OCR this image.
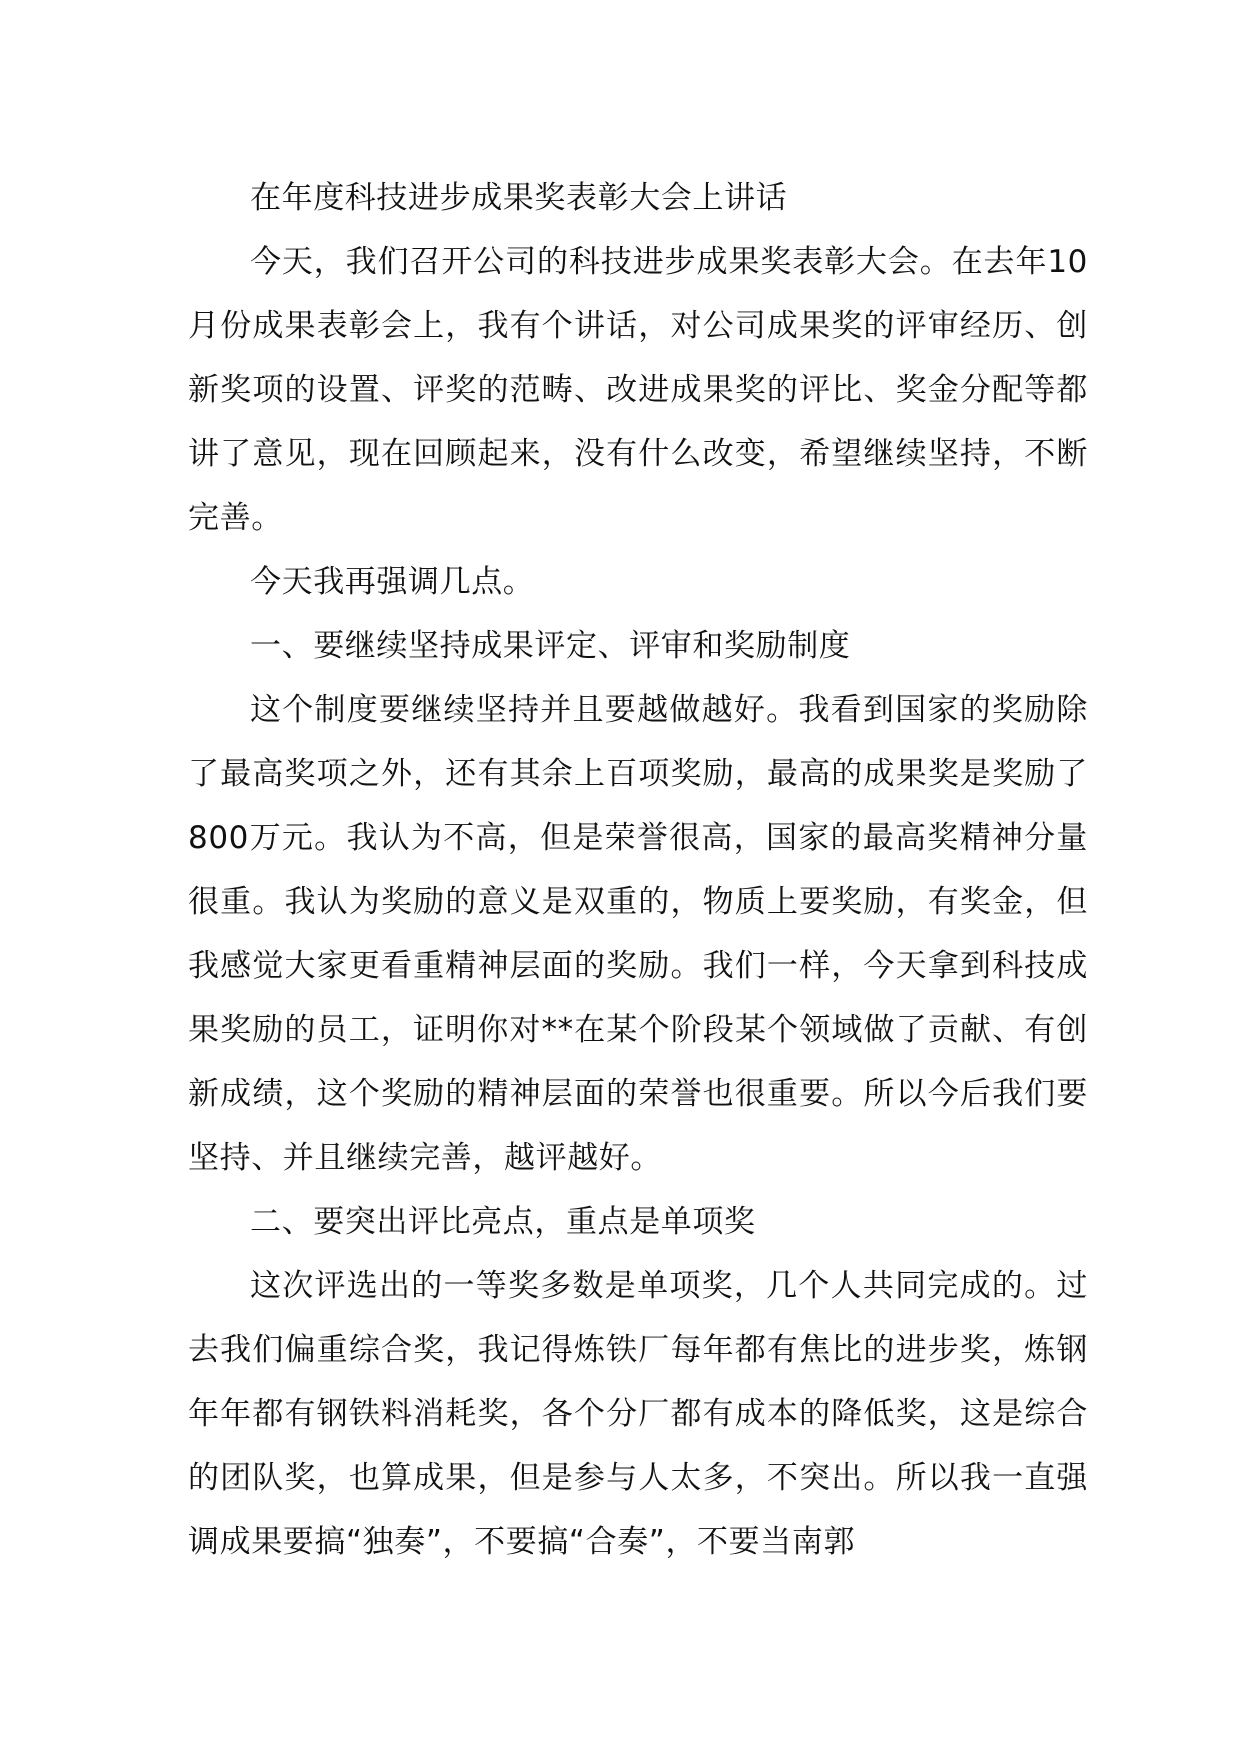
在年度科技进步成果奖表彰大会上讲话

今天，我们召开公司的科技进步成果奖表彰大会。在去年10月份成果表彰会上，我有个讲话，对公司成果奖的评审经历、创新奖项的设置、评奖的范畴、改进成果奖的评比、奖金分配等都讲了意见，现在回顾起来，没有什么改变，希望继续坚持，不断完善。

今天我再强调几点。

一、要继续坚持成果评定、评审和奖励制度

这个制度要继续坚持并且要越做越好。我看到国家的奖励除了最高奖项之外，还有其余上百项奖励，最高的成果奖是奖励了800万元。我认为不高，但是荣誉很高，国家的最高奖精神分量很重。我认为奖励的意义是双重的，物质上要奖励，有奖金，但我感觉大家更看重精神层面的奖励。我们一样，今天拿到科技成果奖励的员工，证明你对**在某个阶段某个领域做了贡献、有创新成绩，这个奖励的精神层面的荣誉也很重要。所以今后我们要坚持、并且继续完善，越评越好。

二、要突出评比亮点，重点是单项奖

这次评选出的一等奖多数是单项奖，几个人共同完成的。过去我们偏重综合奖，我记得炼铁厂每年都有焦比的进步奖，炼钢年年都有钢铁料消耗奖，各个分厂都有成本的降低奖，这是综合的团队奖，也算成果，但是参与人太多，不突出。所以我一直强调成果要搞“独奏”，不要搞“合奏”，不要当南郭
